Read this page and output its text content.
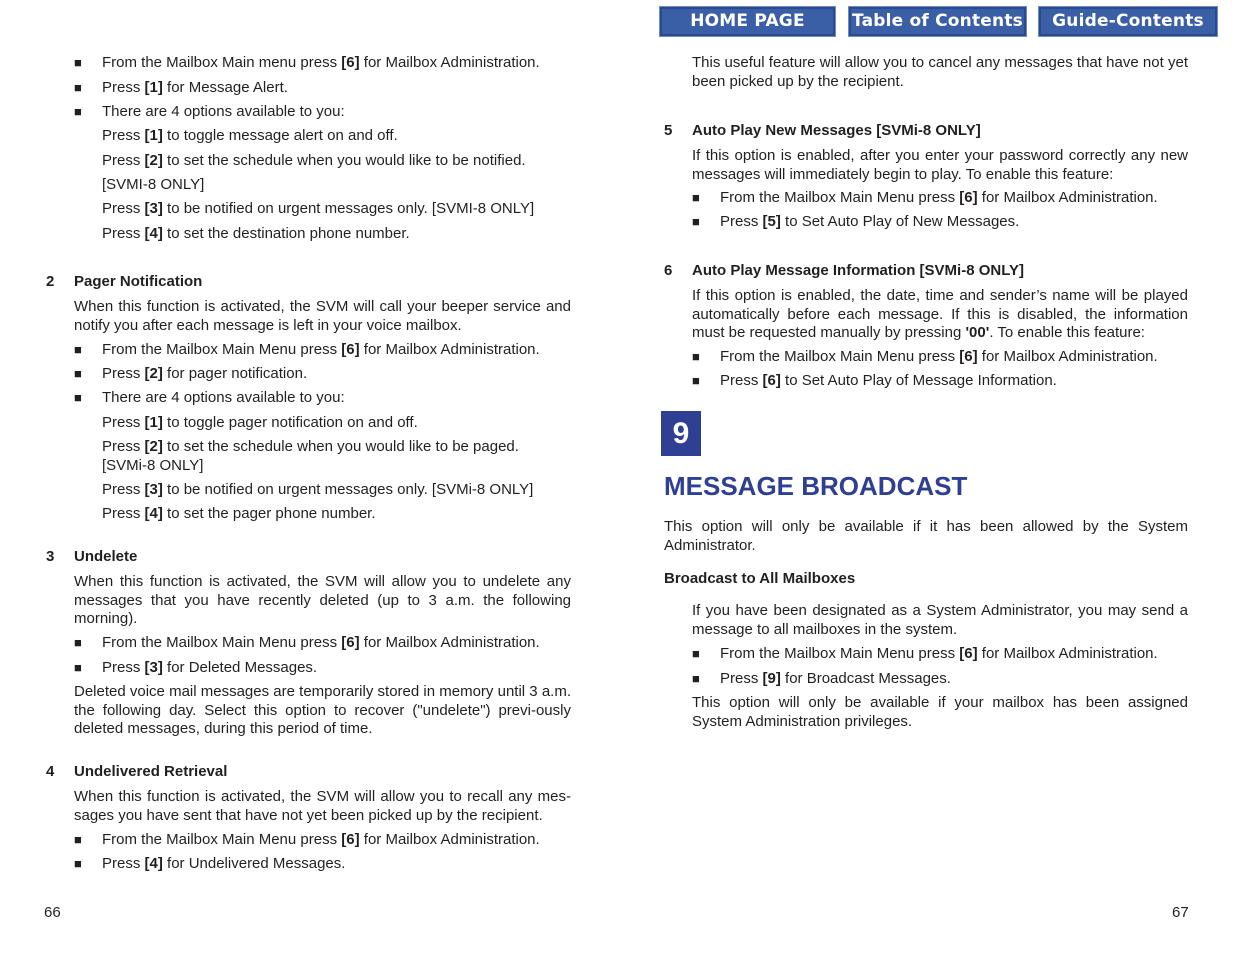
HOME PAGE	Table of Contents	Guide-Contents
■ From the Mailbox Main menu press [6] for Mailbox Administration.
■ Press [1] for Message Alert.
■ There are 4 options available to you:
Press [1] to toggle message alert on and off.
Press [2] to set the schedule when you would like to be notified.
[SVMI-8 ONLY]
Press [3] to be notified on urgent messages only. [SVMI-8 ONLY]
Press [4] to set the destination phone number.
2 Pager Notification
When this function is activated, the SVM will call your beeper service and notify you after each message is left in your voice mailbox.
■ From the Mailbox Main Menu press [6] for Mailbox Administration.
■ Press [2] for pager notification.
■ There are 4 options available to you:
Press [1] to toggle pager notification on and off.
Press [2] to set the schedule when you would like to be paged.
[SVMi-8 ONLY]
Press [3] to be notified on urgent messages only. [SVMi-8 ONLY]
Press [4] to set the pager phone number.
3 Undelete
When this function is activated, the SVM will allow you to undelete any messages that you have recently deleted (up to 3 a.m. the following morning).
■ From the Mailbox Main Menu press [6] for Mailbox Administration.
■ Press [3] for Deleted Messages.
Deleted voice mail messages are temporarily stored in memory until 3 a.m. the following day. Select this option to recover ("undelete") previ-ously deleted messages, during this period of time.
4 Undelivered Retrieval
When this function is activated, the SVM will allow you to recall any mes-sages you have sent that have not yet been picked up by the recipient.
■ From the Mailbox Main Menu press [6] for Mailbox Administration.
■ Press [4] for Undelivered Messages.
66
This useful feature will allow you to cancel any messages that have not yet been picked up by the recipient.
5 Auto Play New Messages [SVMi-8 ONLY]
If this option is enabled, after you enter your password correctly any new messages will immediately begin to play. To enable this feature:
■ From the Mailbox Main Menu press [6] for Mailbox Administration.
■ Press [5] to Set Auto Play of New Messages.
6 Auto Play Message Information [SVMi-8 ONLY]
If this option is enabled, the date, time and sender’s name will be played automatically before each message. If this is disabled, the information must be requested manually by pressing '00'. To enable this feature:
■ From the Mailbox Main Menu press [6] for Mailbox Administration.
■ Press [6] to Set Auto Play of Message Information.
9
MESSAGE BROADCAST
This option will only be available if it has been allowed by the System Administrator.
Broadcast to All Mailboxes
If you have been designated as a System Administrator, you may send a message to all mailboxes in the system.
■ From the Mailbox Main Menu press [6] for Mailbox Administration.
■ Press [9] for Broadcast Messages.
This option will only be available if your mailbox has been assigned System Administration privileges.
67
